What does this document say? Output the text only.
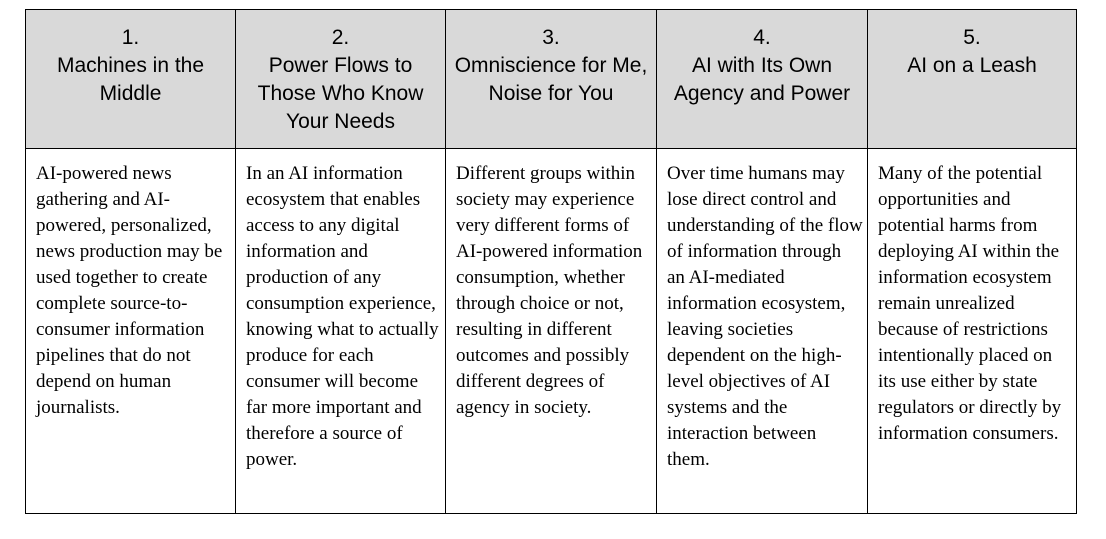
1.
Machines in the Middle
2.
Power Flows to Those Who Know Your Needs
3.
Omniscience for Me, Noise for You
4.
AI with Its Own Agency and Power
5.
AI on a Leash
AI-powered news gathering and AI-powered, personalized, news production may be used together to create complete source-to-consumer information pipelines that do not depend on human journalists.
In an AI information ecosystem that enables access to any digital information and production of any consumption experience, knowing what to actually produce for each consumer will become far more important and therefore a source of power.
Different groups within society may experience very different forms of AI-powered information consumption, whether through choice or not, resulting in different outcomes and possibly different degrees of agency in society.
Over time humans may lose direct control and understanding of the flow of information through an AI-mediated information ecosystem, leaving societies dependent on the high-level objectives of AI systems and the interaction between them.
Many of the potential opportunities and potential harms from deploying AI within the information ecosystem remain unrealized because of restrictions intentionally placed on its use either by state regulators or directly by information consumers.
